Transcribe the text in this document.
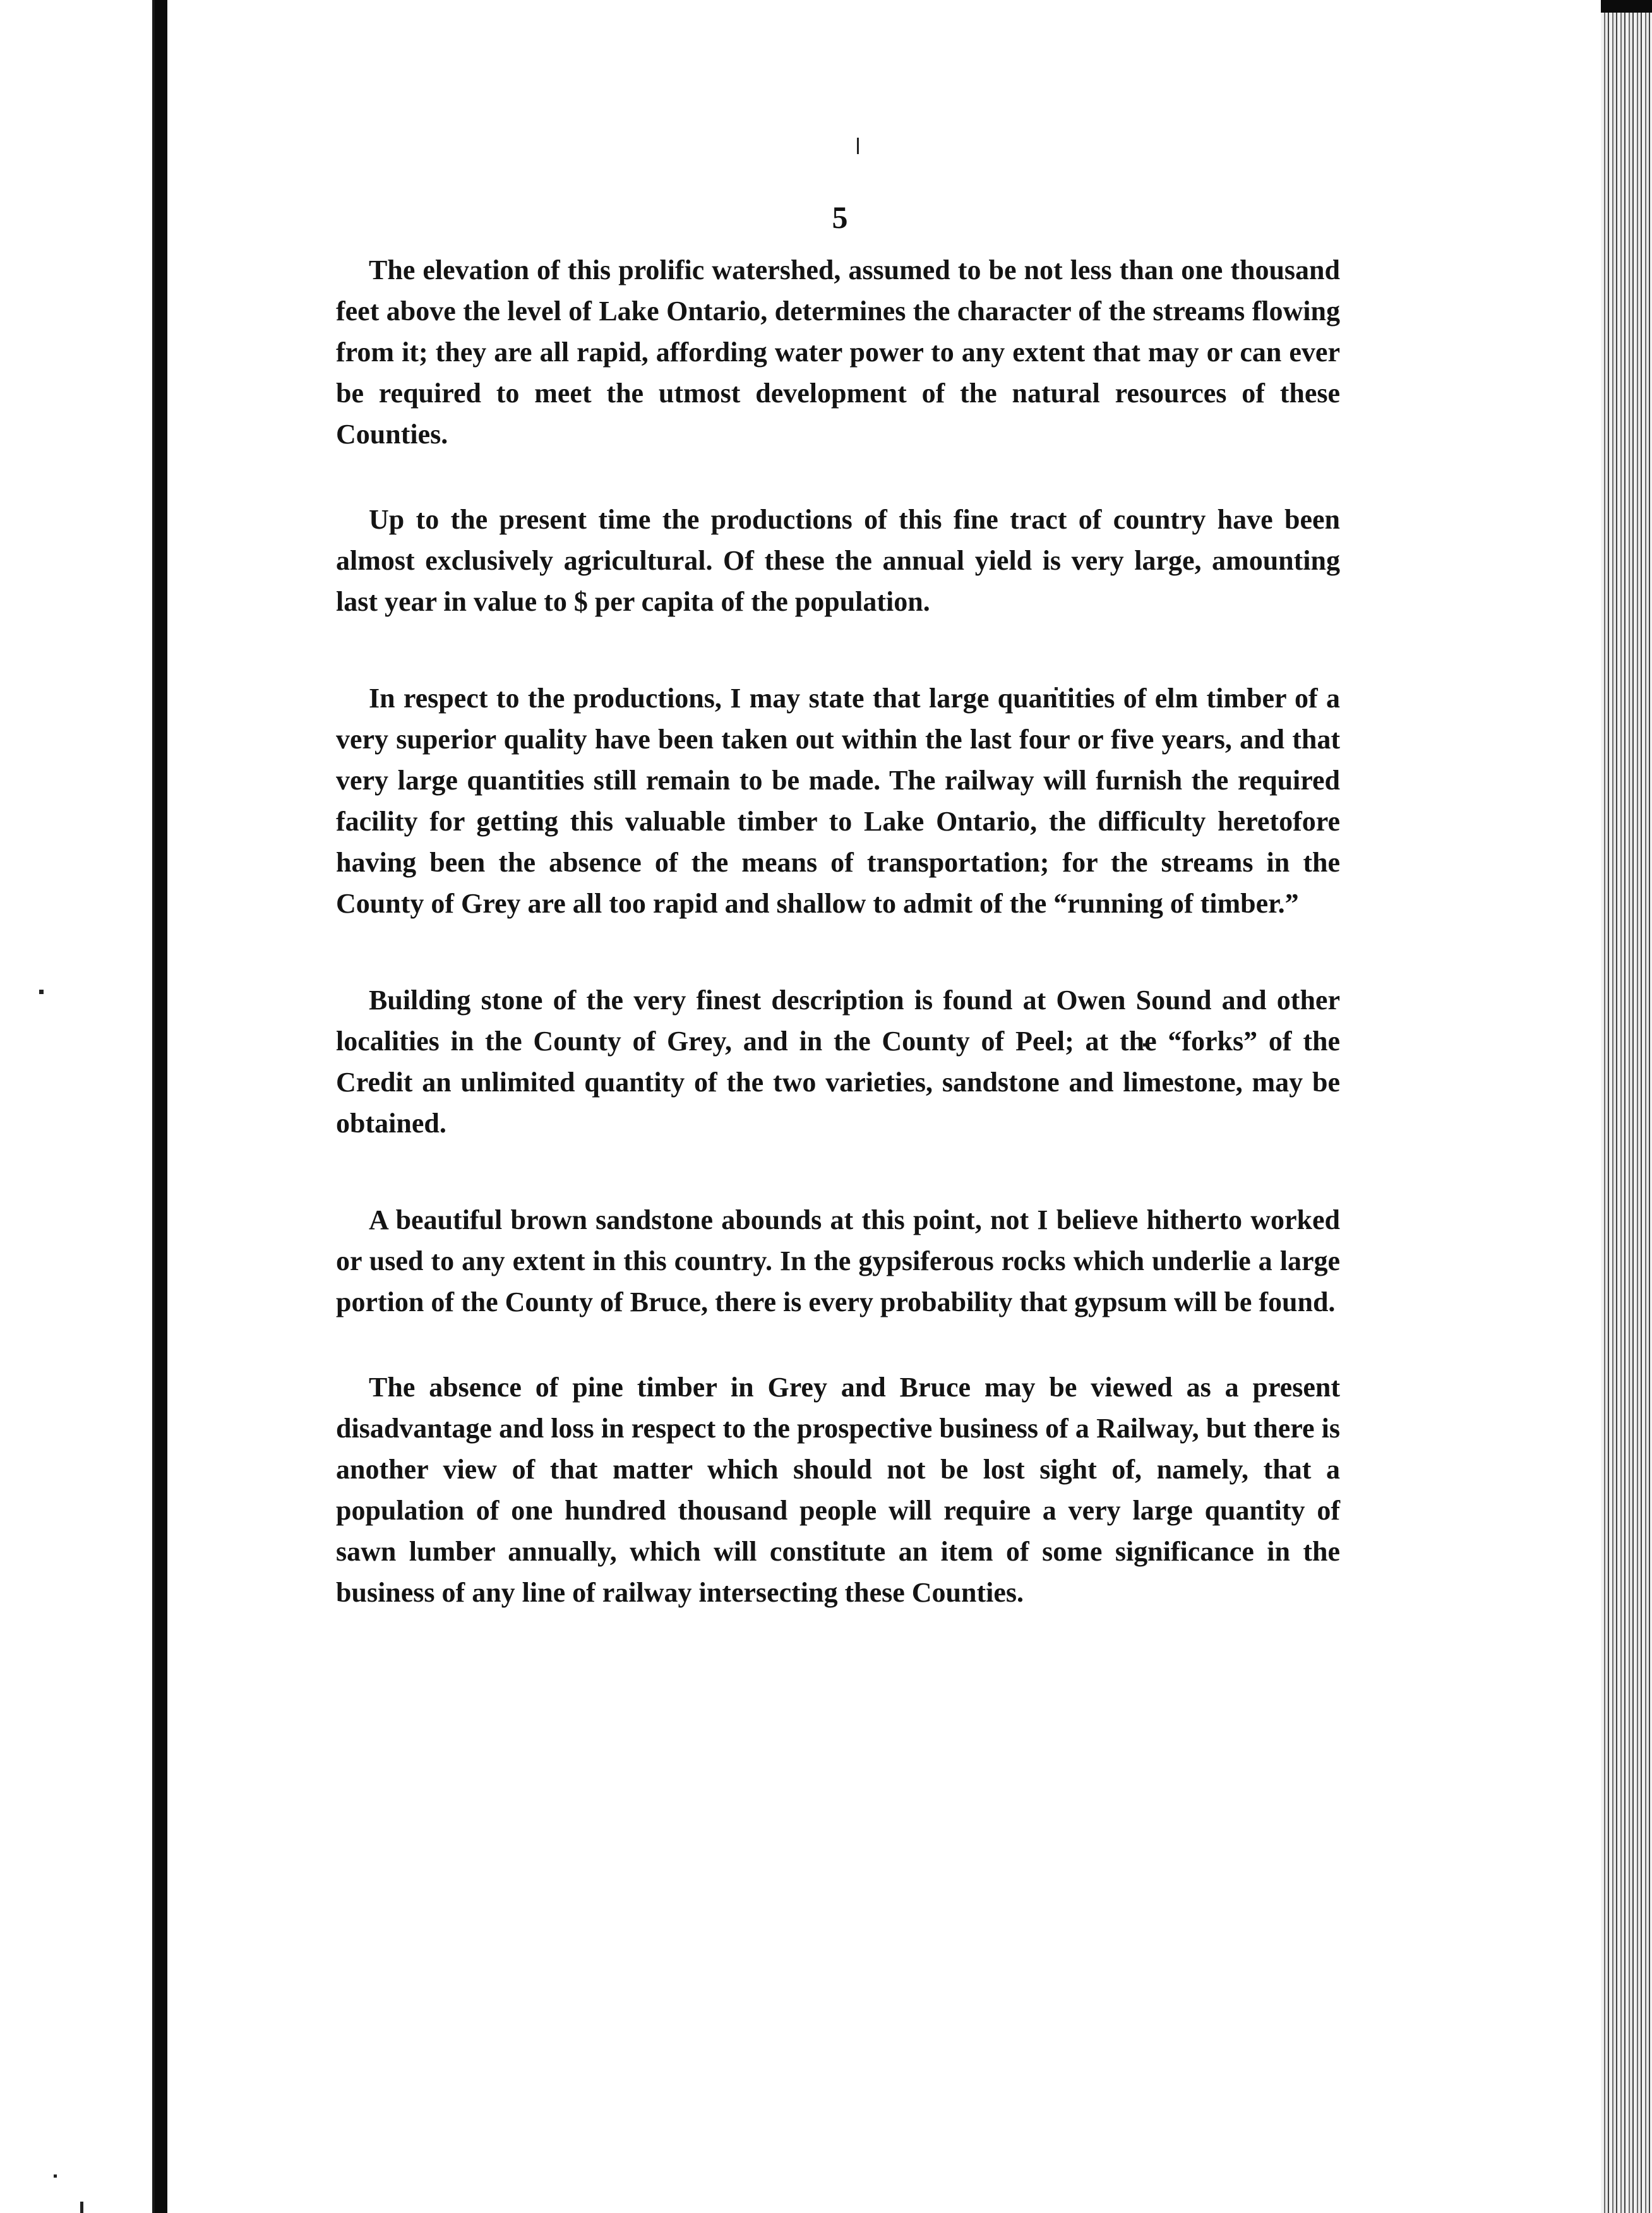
5

The elevation of this prolific watershed, assumed to be not less than one thousand feet above the level of Lake Ontario, determines the character of the streams flowing from it; they are all rapid, affording water power to any extent that may or can ever be required to meet the utmost development of the natural resources of these Counties.

Up to the present time the productions of this fine tract of country have been almost exclusively agricultural. Of these the annual yield is very large, amounting last year in value to $ per capita of the population.

In respect to the productions, I may state that large quantities of elm timber of a very superior quality have been taken out within the last four or five years, and that very large quantities still remain to be made. The railway will furnish the required facility for getting this valuable timber to Lake Ontario, the difficulty heretofore having been the absence of the means of transportation; for the streams in the County of Grey are all too rapid and shallow to admit of the “running of timber.”

Building stone of the very finest description is found at Owen Sound and other localities in the County of Grey, and in the County of Peel; at the “forks” of the Credit an unlimited quantity of the two varieties, sandstone and limestone, may be obtained.

A beautiful brown sandstone abounds at this point, not I believe hitherto worked or used to any extent in this country. In the gypsiferous rocks which underlie a large portion of the County of Bruce, there is every probability that gypsum will be found.

The absence of pine timber in Grey and Bruce may be viewed as a present disadvantage and loss in respect to the prospective business of a Railway, but there is another view of that matter which should not be lost sight of, namely, that a population of one hundred thousand people will require a very large quantity of sawn lumber annually, which will constitute an item of some significance in the business of any line of railway intersecting these Counties.
